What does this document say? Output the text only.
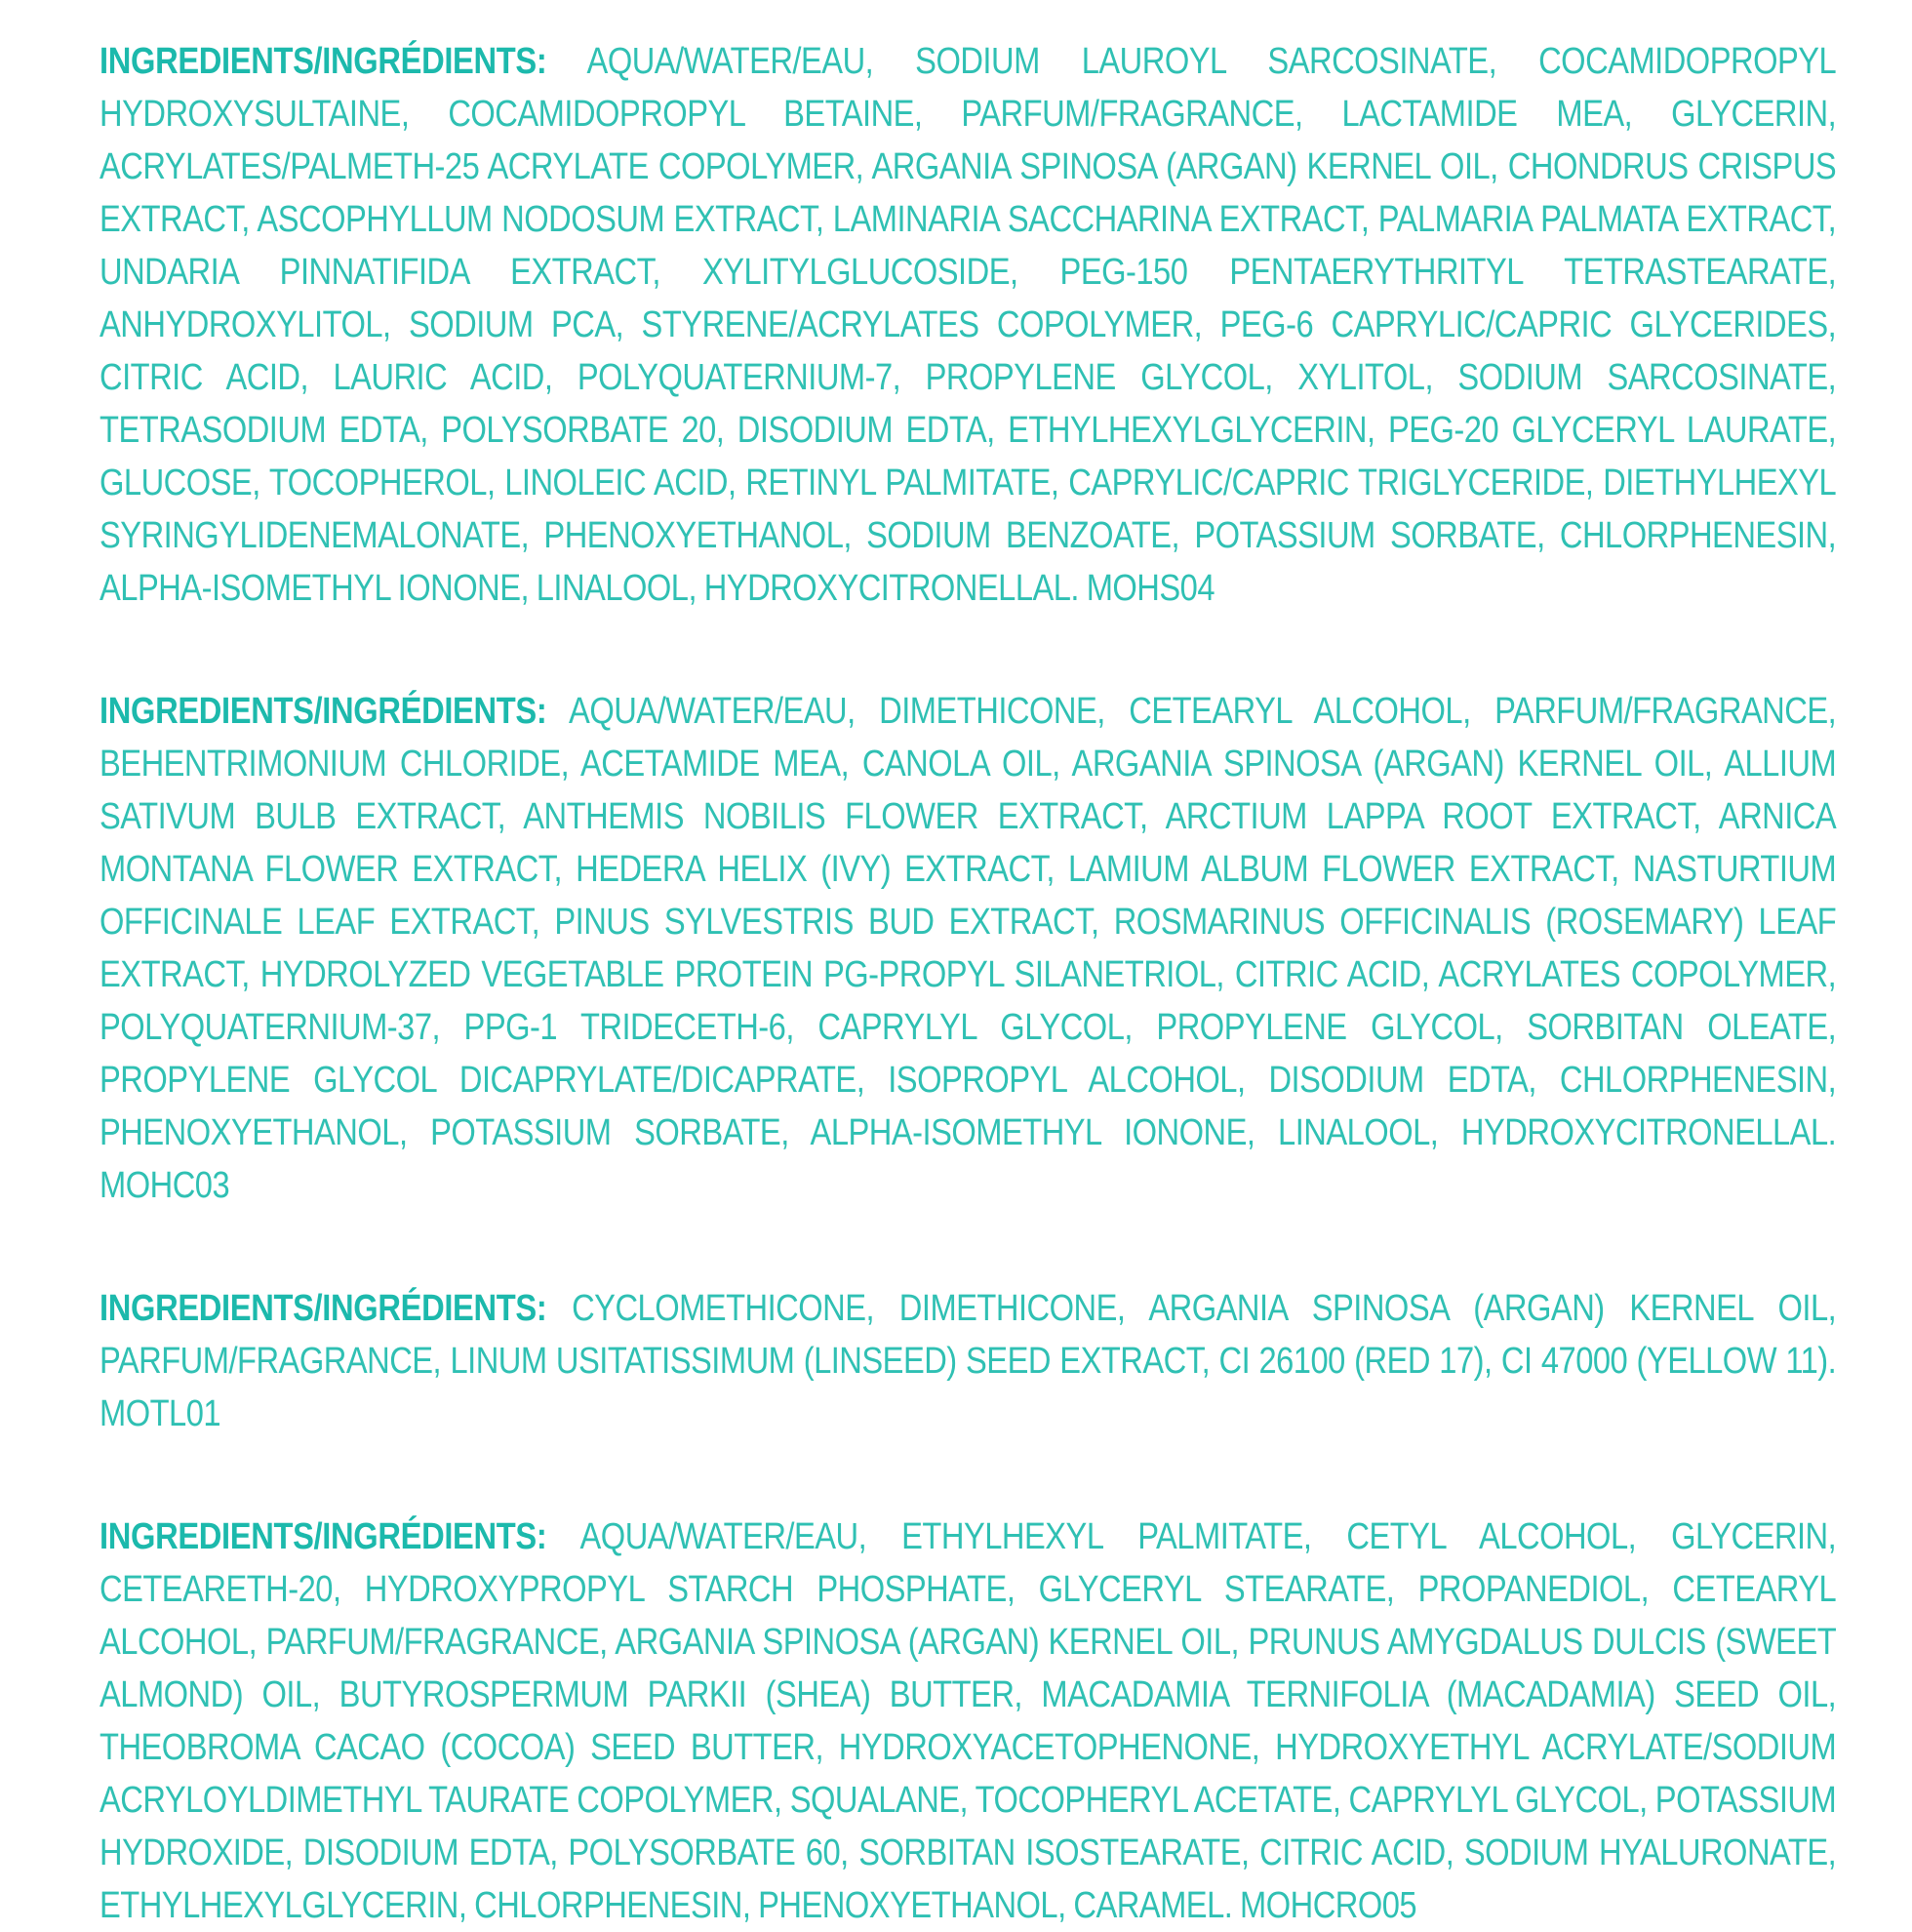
INGREDIENTS/INGRÉDIENTS: AQUA/WATER/EAU, SODIUM LAUROYL SARCOSINATE, COCAMIDOPROPYL HYDROXYSULTAINE, COCAMIDOPROPYL BETAINE, PARFUM/FRAGRANCE, LACTAMIDE MEA, GLYCERIN, ACRYLATES/PALMETH-25 ACRYLATE COPOLYMER, ARGANIA SPINOSA (ARGAN) KERNEL OIL, CHONDRUS CRISPUS EXTRACT, ASCOPHYLLUM NODOSUM EXTRACT, LAMINARIA SACCHARINA EXTRACT, PALMARIA PALMATA EXTRACT, UNDARIA PINNATIFIDA EXTRACT, XYLITYLGLUCOSIDE, PEG-150 PENTAERYTHRITYL TETRASTEARATE, ANHYDROXYLITOL, SODIUM PCA, STYRENE/ACRYLATES COPOLYMER, PEG-6 CAPRYLIC/CAPRIC GLYCERIDES, CITRIC ACID, LAURIC ACID, POLYQUATERNIUM-7, PROPYLENE GLYCOL, XYLITOL, SODIUM SARCOSINATE, TETRASODIUM EDTA, POLYSORBATE 20, DISODIUM EDTA, ETHYLHEXYLGLYCERIN, PEG-20 GLYCERYL LAURATE, GLUCOSE, TOCOPHEROL, LINOLEIC ACID, RETINYL PALMITATE, CAPRYLIC/CAPRIC TRIGLYCERIDE, DIETHYLHEXYL SYRINGYLIDENEMALONATE, PHENOXYETHANOL, SODIUM BENZOATE, POTASSIUM SORBATE, CHLORPHENESIN, ALPHA-ISOMETHYL IONONE, LINALOOL, HYDROXYCITRONELLAL. MOHS04

INGREDIENTS/INGRÉDIENTS: AQUA/WATER/EAU, DIMETHICONE, CETEARYL ALCOHOL, PARFUM/FRAGRANCE, BEHENTRIMONIUM CHLORIDE, ACETAMIDE MEA, CANOLA OIL, ARGANIA SPINOSA (ARGAN) KERNEL OIL, ALLIUM SATIVUM BULB EXTRACT, ANTHEMIS NOBILIS FLOWER EXTRACT, ARCTIUM LAPPA ROOT EXTRACT, ARNICA MONTANA FLOWER EXTRACT, HEDERA HELIX (IVY) EXTRACT, LAMIUM ALBUM FLOWER EXTRACT, NASTURTIUM OFFICINALE LEAF EXTRACT, PINUS SYLVESTRIS BUD EXTRACT, ROSMARINUS OFFICINALIS (ROSEMARY) LEAF EXTRACT, HYDROLYZED VEGETABLE PROTEIN PG-PROPYL SILANETRIOL, CITRIC ACID, ACRYLATES COPOLYMER, POLYQUATERNIUM-37, PPG-1 TRIDECETH-6, CAPRYLYL GLYCOL, PROPYLENE GLYCOL, SORBITAN OLEATE, PROPYLENE GLYCOL DICAPRYLATE/DICAPRATE, ISOPROPYL ALCOHOL, DISODIUM EDTA, CHLORPHENESIN, PHENOXYETHANOL, POTASSIUM SORBATE, ALPHA-ISOMETHYL IONONE, LINALOOL, HYDROXYCITRONELLAL. MOHC03

INGREDIENTS/INGRÉDIENTS: CYCLOMETHICONE, DIMETHICONE, ARGANIA SPINOSA (ARGAN) KERNEL OIL, PARFUM/FRAGRANCE, LINUM USITATISSIMUM (LINSEED) SEED EXTRACT, CI 26100 (RED 17), CI 47000 (YELLOW 11). MOTL01

INGREDIENTS/INGRÉDIENTS: AQUA/WATER/EAU, ETHYLHEXYL PALMITATE, CETYL ALCOHOL, GLYCERIN, CETEARETH-20, HYDROXYPROPYL STARCH PHOSPHATE, GLYCERYL STEARATE, PROPANEDIOL, CETEARYL ALCOHOL, PARFUM/FRAGRANCE, ARGANIA SPINOSA (ARGAN) KERNEL OIL, PRUNUS AMYGDALUS DULCIS (SWEET ALMOND) OIL, BUTYROSPERMUM PARKII (SHEA) BUTTER, MACADAMIA TERNIFOLIA (MACADAMIA) SEED OIL, THEOBROMA CACAO (COCOA) SEED BUTTER, HYDROXYACETOPHENONE, HYDROXYETHYL ACRYLATE/SODIUM ACRYLOYLDIMETHYL TAURATE COPOLYMER, SQUALANE, TOCOPHERYL ACETATE, CAPRYLYL GLYCOL, POTASSIUM HYDROXIDE, DISODIUM EDTA, POLYSORBATE 60, SORBITAN ISOSTEARATE, CITRIC ACID, SODIUM HYALURONATE, ETHYLHEXYLGLYCERIN, CHLORPHENESIN, PHENOXYETHANOL, CARAMEL. MOHCRO05
